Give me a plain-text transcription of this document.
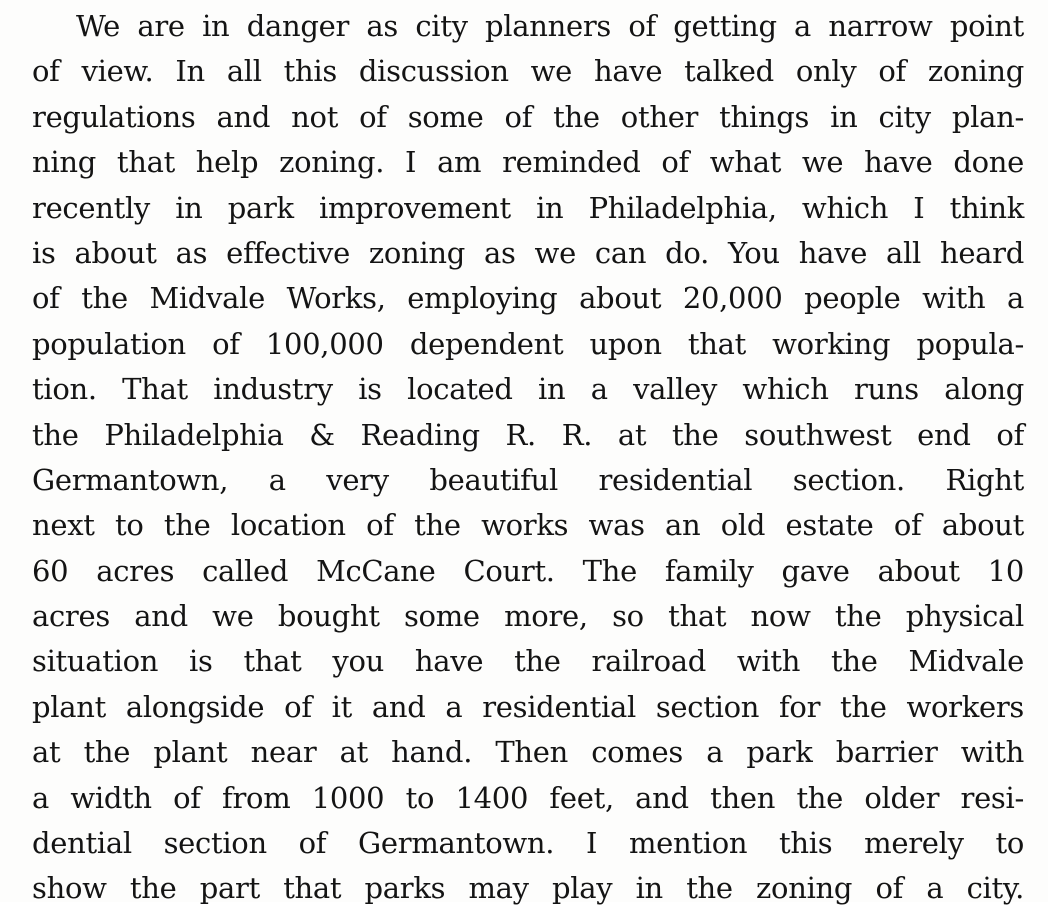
We are in danger as city planners of getting a narrow point
of view. In all this discussion we have talked only of zoning
regulations and not of some of the other things in city plan-
ning that help zoning. I am reminded of what we have done
recently in park improvement in Philadelphia, which I think
is about as effective zoning as we can do. You have all heard
of the Midvale Works, employing about 20,000 people with a
population of 100,000 dependent upon that working popula-
tion. That industry is located in a valley which runs along
the Philadelphia & Reading R. R. at the southwest end of
Germantown, a very beautiful residential section. Right
next to the location of the works was an old estate of about
60 acres called McCane Court. The family gave about 10
acres and we bought some more, so that now the physical
situation is that you have the railroad with the Midvale
plant alongside of it and a residential section for the workers
at the plant near at hand. Then comes a park barrier with
a width of from 1000 to 1400 feet, and then the older resi-
dential section of Germantown. I mention this merely to
show the part that parks may play in the zoning of a city.
